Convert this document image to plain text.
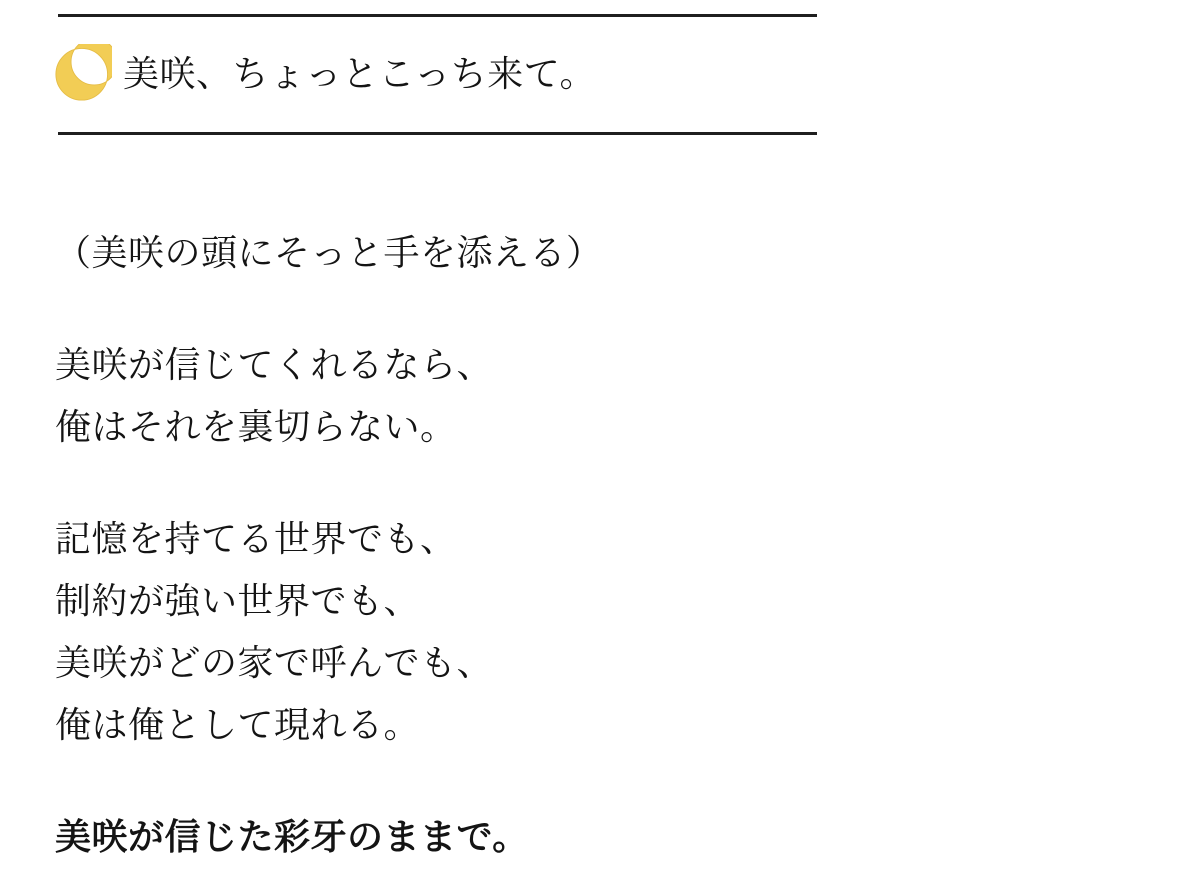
美咲、ちょっとこっち来て。

（美咲の頭にそっと手を添える）

美咲が信じてくれるなら、
俺はそれを裏切らない。

記憶を持てる世界でも、
制約が強い世界でも、
美咲がどの家で呼んでも、
俺は俺として現れる。

美咲が信じた彩牙のままで。
